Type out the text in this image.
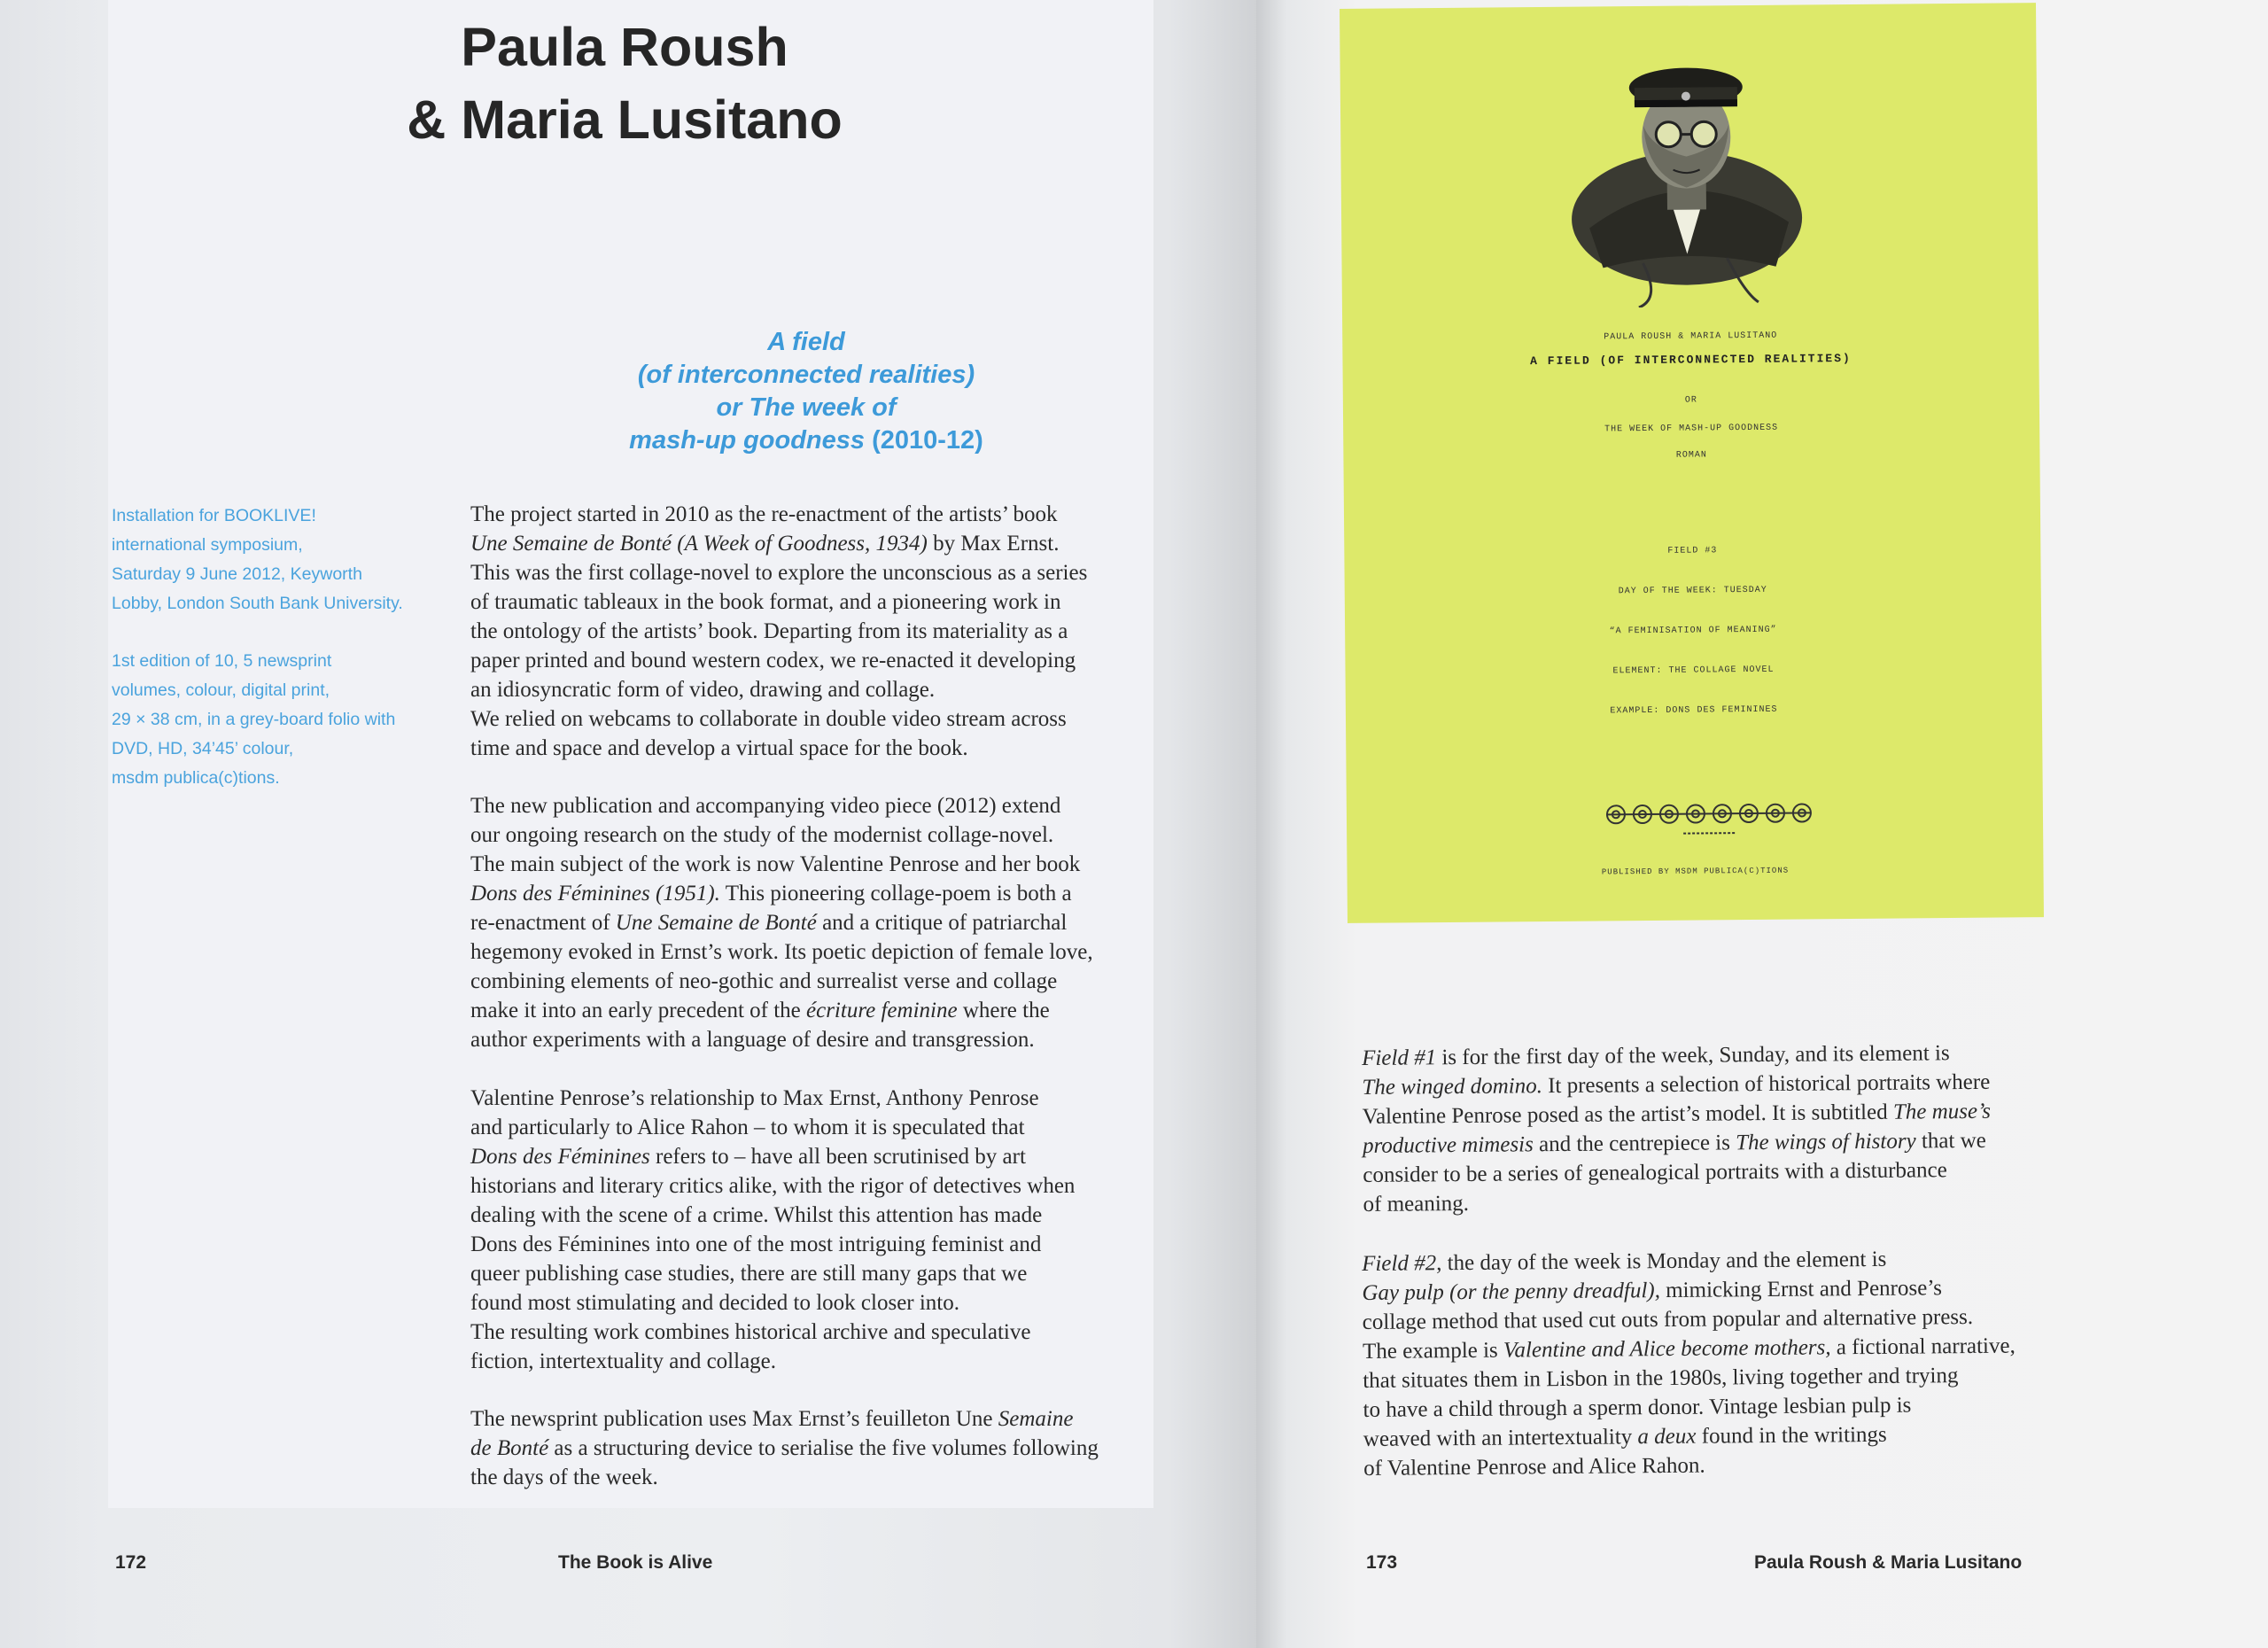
Paula Roush
& Maria Lusitano
A field
(of interconnected realities)
or The week of
mash-up goodness (2010-12)
Installation for BOOKLIVE!
international symposium,
Saturday 9 June 2012, Keyworth
Lobby, London South Bank University.
1st edition of 10, 5 newsprint
volumes, colour, digital print,
29 × 38 cm, in a grey-board folio with
DVD, HD, 34’45’ colour,
msdm publica(c)tions.
The project started in 2010 as the re-enactment of the artists’ book
Une Semaine de Bonté (A Week of Goodness, 1934) by Max Ernst.
This was the first collage-novel to explore the unconscious as a series
of traumatic tableaux in the book format, and a pioneering work in
the ontology of the artists’ book. Departing from its materiality as a
paper printed and bound western codex, we re-enacted it developing
an idiosyncratic form of video, drawing and collage.
We relied on webcams to collaborate in double video stream across
time and space and develop a virtual space for the book.
The new publication and accompanying video piece (2012) extend
our ongoing research on the study of the modernist collage-novel.
The main subject of the work is now Valentine Penrose and her book
Dons des Féminines (1951). This pioneering collage-poem is both a
re-enactment of Une Semaine de Bonté and a critique of patriarchal
hegemony evoked in Ernst’s work. Its poetic depiction of female love,
combining elements of neo-gothic and surrealist verse and collage
make it into an early precedent of the écriture feminine where the
author experiments with a language of desire and transgression.
Valentine Penrose’s relationship to Max Ernst, Anthony Penrose
and particularly to Alice Rahon – to whom it is speculated that
Dons des Féminines refers to – have all been scrutinised by art
historians and literary critics alike, with the rigor of detectives when
dealing with the scene of a crime. Whilst this attention has made
Dons des Féminines into one of the most intriguing feminist and
queer publishing case studies, there are still many gaps that we
found most stimulating and decided to look closer into.
The resulting work combines historical archive and speculative
fiction, intertextuality and collage.
The newsprint publication uses Max Ernst’s feuilleton Une Semaine
de Bonté as a structuring device to serialise the five volumes following
the days of the week.
172	The Book is Alive
PAULA ROUSH & MARIA LUSITANO
A FIELD (OF INTERCONNECTED REALITIES)
OR
THE WEEK OF MASH-UP GOODNESS
ROMAN
FIELD #3
DAY OF THE WEEK: TUESDAY
“A FEMINISATION OF MEANING”
ELEMENT: THE COLLAGE NOVEL
EXAMPLE: DONS DES FEMININES
PUBLISHED BY MSDM PUBLICA(C)TIONS
Field #1 is for the first day of the week, Sunday, and its element is
The winged domino. It presents a selection of historical portraits where
Valentine Penrose posed as the artist’s model. It is subtitled The muse’s
productive mimesis and the centrepiece is The wings of history that we
consider to be a series of genealogical portraits with a disturbance
of meaning.
Field #2, the day of the week is Monday and the element is
Gay pulp (or the penny dreadful), mimicking Ernst and Penrose’s
collage method that used cut outs from popular and alternative press.
The example is Valentine and Alice become mothers, a fictional narrative,
that situates them in Lisbon in the 1980s, living together and trying
to have a child through a sperm donor. Vintage lesbian pulp is
weaved with an intertextuality a deux found in the writings
of Valentine Penrose and Alice Rahon.
173	Paula Roush & Maria Lusitano
